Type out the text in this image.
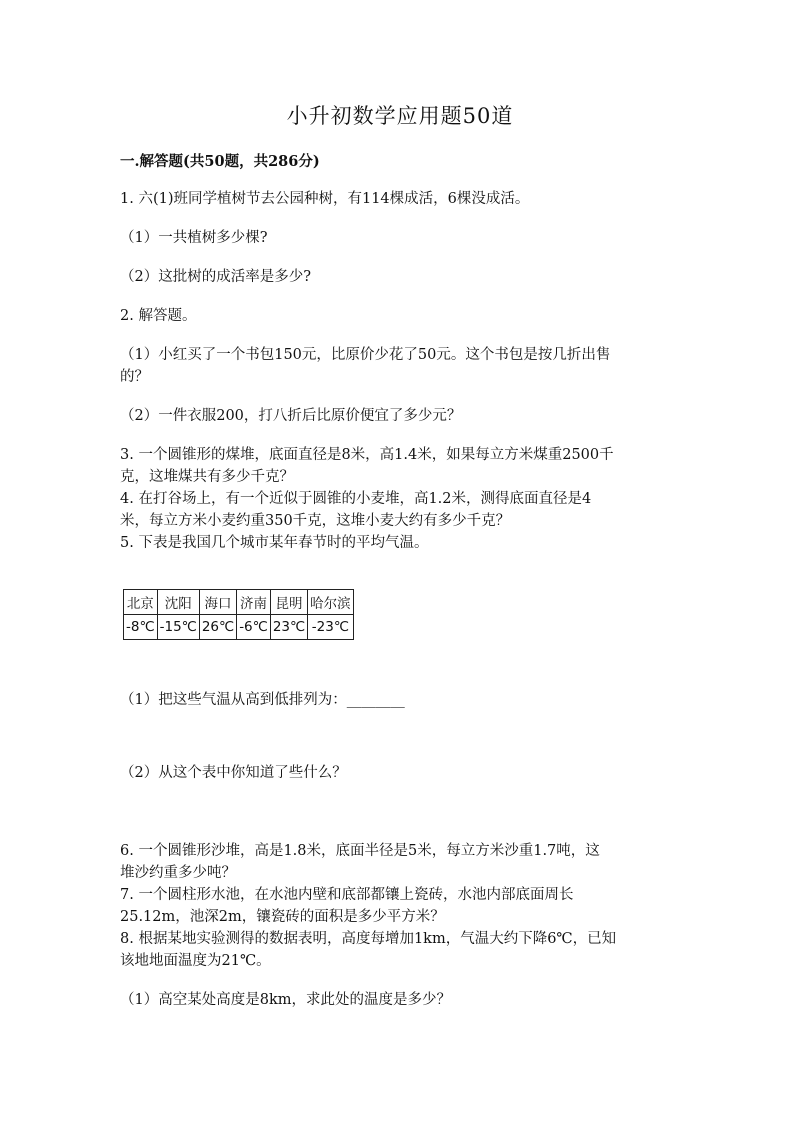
小升初数学应用题50道
一.解答题(共50题，共286分)
1. 六(1)班同学植树节去公园种树，有114棵成活，6棵没成活。
（1）一共植树多少棵?
（2）这批树的成活率是多少?
2. 解答题。
（1）小红买了一个书包150元，比原价少花了50元。这个书包是按几折出售
的？
（2）一件衣服200，打八折后比原价便宜了多少元？
3. 一个圆锥形的煤堆，底面直径是8米，高1.4米，如果每立方米煤重2500千
克，这堆煤共有多少千克？
4. 在打谷场上，有一个近似于圆锥的小麦堆，高1.2米，测得底面直径是4
米，每立方米小麦约重350千克，这堆小麦大约有多少千克？
5. 下表是我国几个城市某年春节时的平均气温。
北京	沈阳	海口	济南	昆明	哈尔滨
-8℃	-15℃	26℃	-6℃	23℃	-23℃
（1）把这些气温从高到低排列为：________
（2）从这个表中你知道了些什么？
6. 一个圆锥形沙堆，高是1.8米，底面半径是5米，每立方米沙重1.7吨，这
堆沙约重多少吨？
7. 一个圆柱形水池，在水池内壁和底部都镶上瓷砖，水池内部底面周长
25.12m，池深2m，镶瓷砖的面积是多少平方米？
8. 根据某地实验测得的数据表明，高度每增加1km，气温大约下降6℃，已知
该地地面温度为21℃。
（1）高空某处高度是8km，求此处的温度是多少？
